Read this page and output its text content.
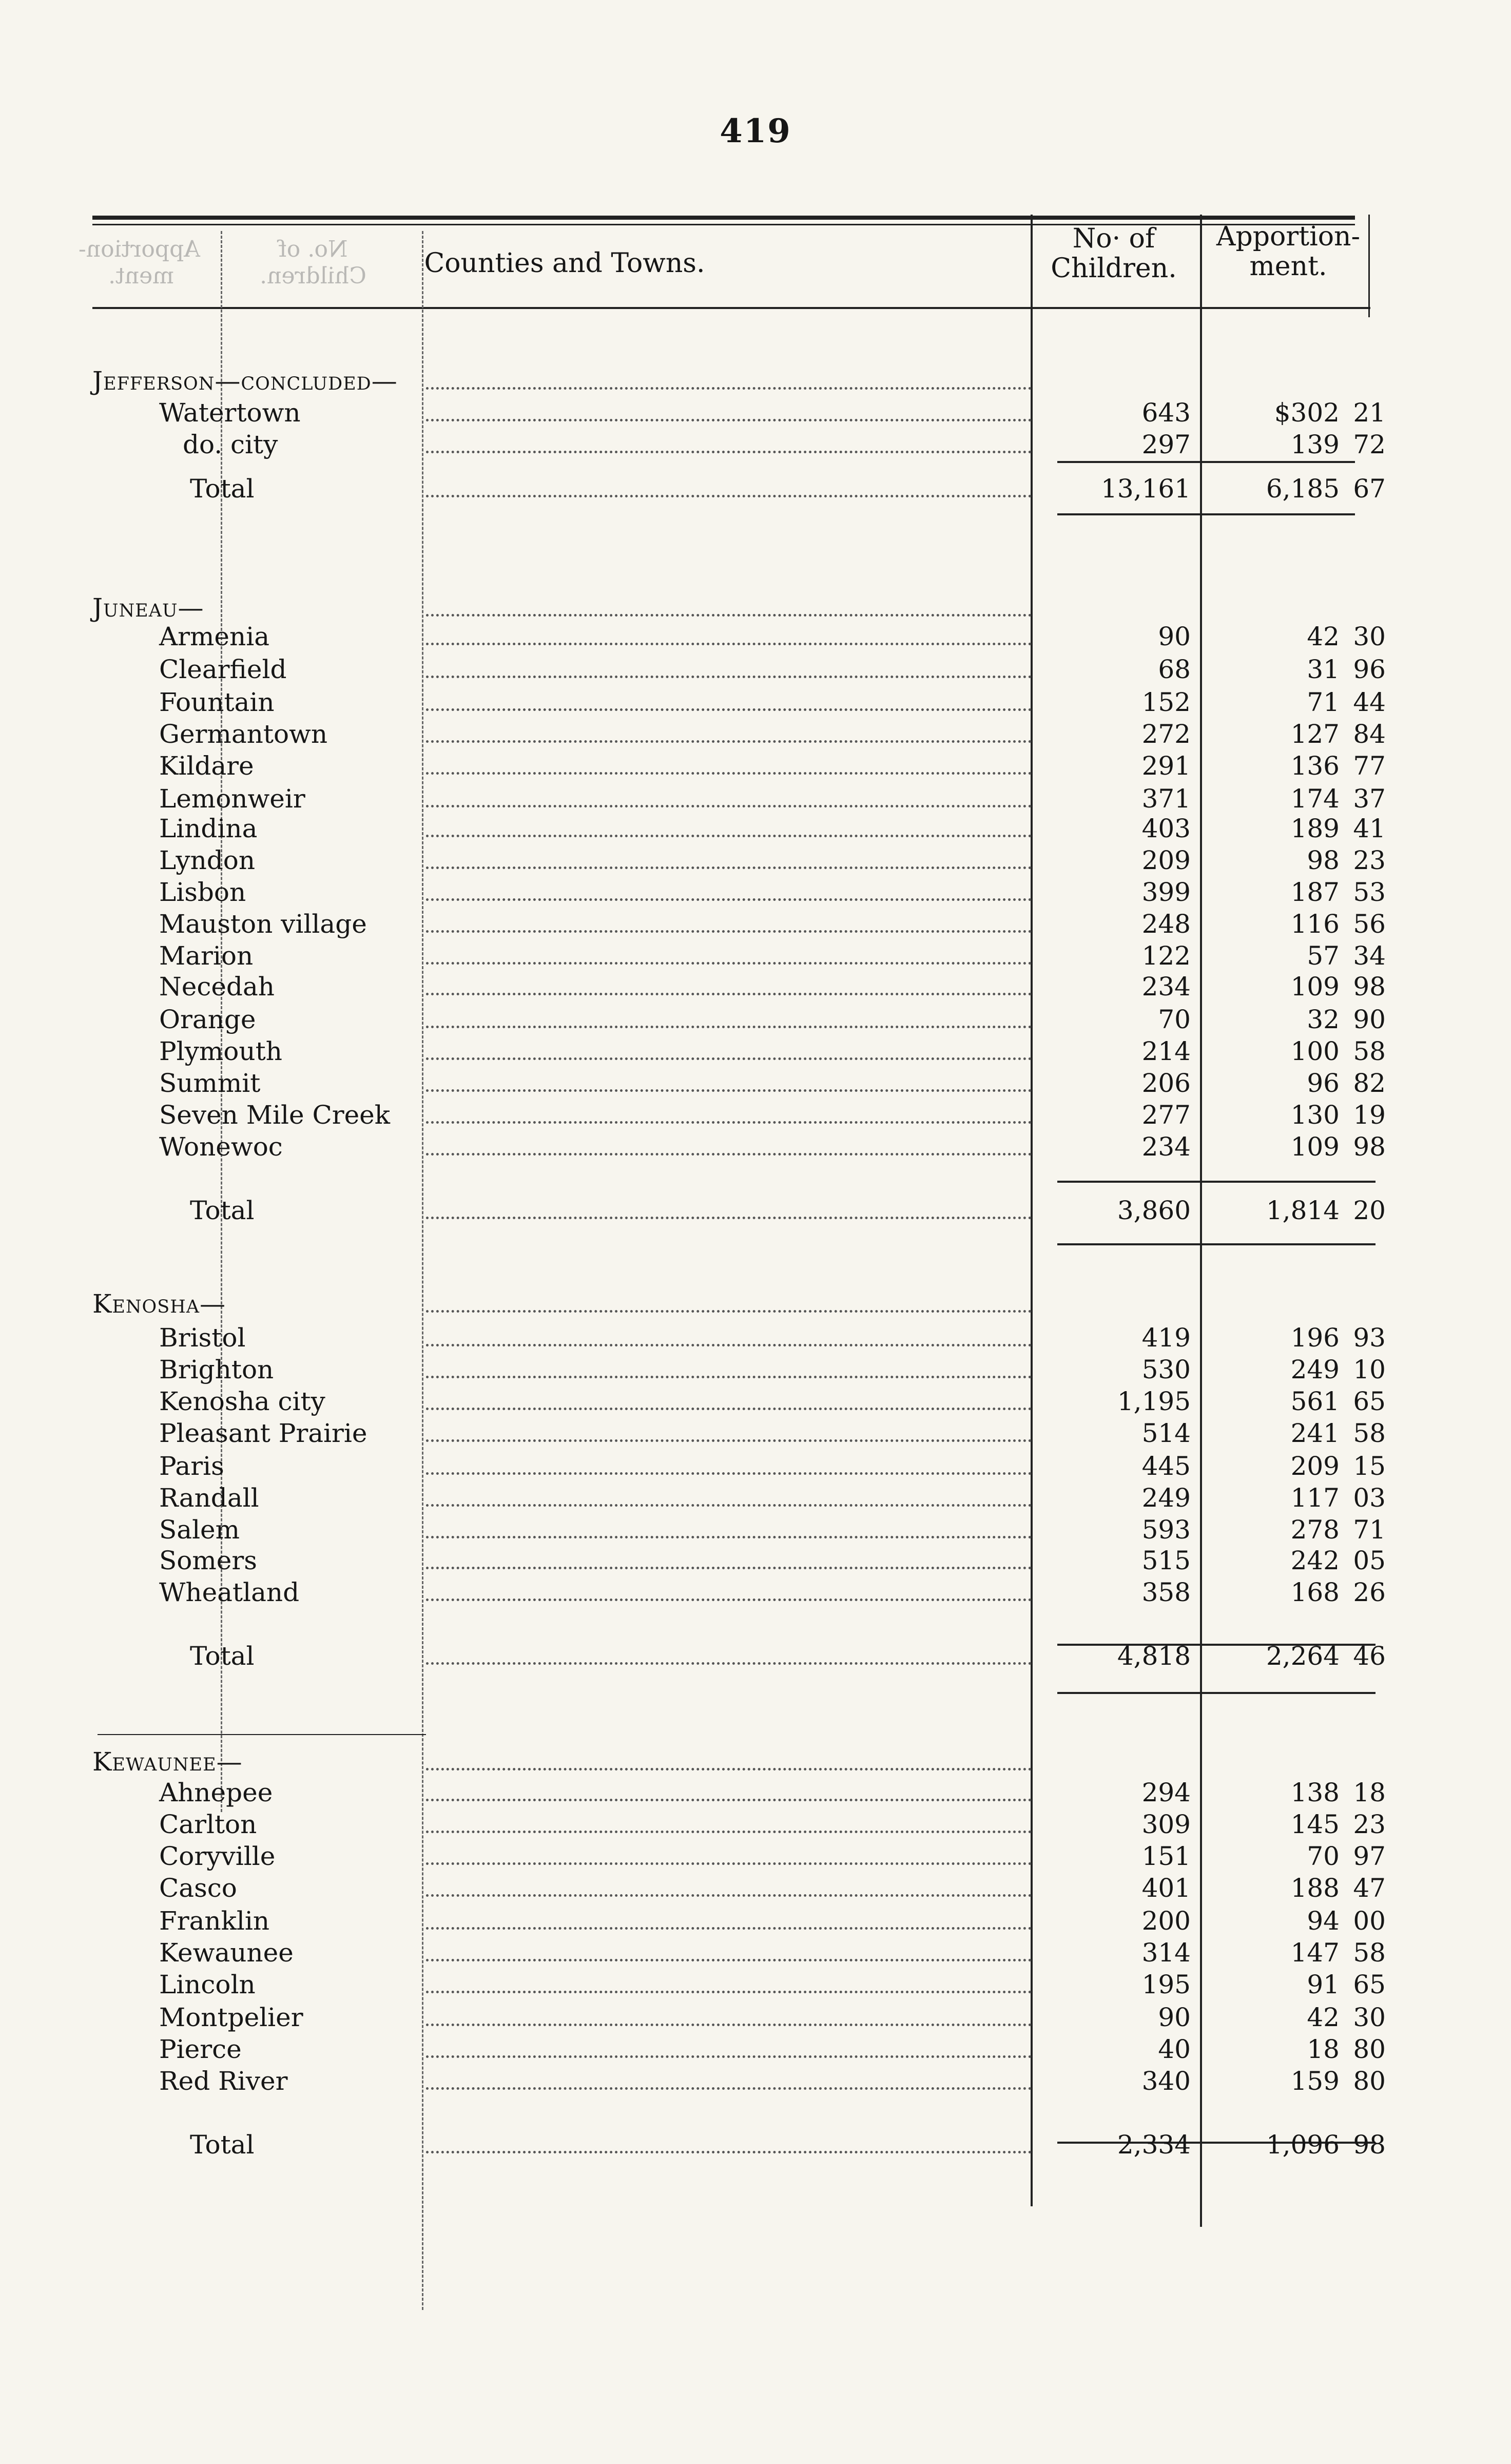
419
Apportion- ment.
No. of Children.	Counties and Towns.
No· of
Children.
Apportion-
ment.
Jefferson—concluded—
Watertown	643	$302 21
do. city	297	139 72
Total	13,161	6,185 67
Juneau—
Armenia	90	42 30
Clearfield	68	31 96
Fountain	152	71 44
Germantown	272	127 84
Kildare	291	136 77
Lemonweir	371	174 37
Lindina	403	189 41
Lyndon	209	98 23
Lisbon	399	187 53
Mauston village	248	116 56
Marion	122	57 34
Necedah	234	109 98
Orange	70	32 90
Plymouth	214	100 58
Summit	206	96 82
Seven Mile Creek	277	130 19
Wonewoc	234	109 98
Total	3,860	1,814 20
Kenosha—
Bristol	419	196 93
Brighton	530	249 10
Kenosha city	1,195	561 65
Pleasant Prairie	514	241 58
Paris	445	209 15
Randall	249	117 03
Salem	593	278 71
Somers	515	242 05
Wheatland	358	168 26
Total	4,818	2,264 46
Kewaunee—
Ahnepee	294	138 18
Carlton	309	145 23
Coryville	151	70 97
Casco	401	188 47
Franklin	200	94 00
Kewaunee	314	147 58
Lincoln	195	91 65
Montpelier	90	42 30
Pierce	40	18 80
Red River	340	159 80
Total	2,334	1,096 98
